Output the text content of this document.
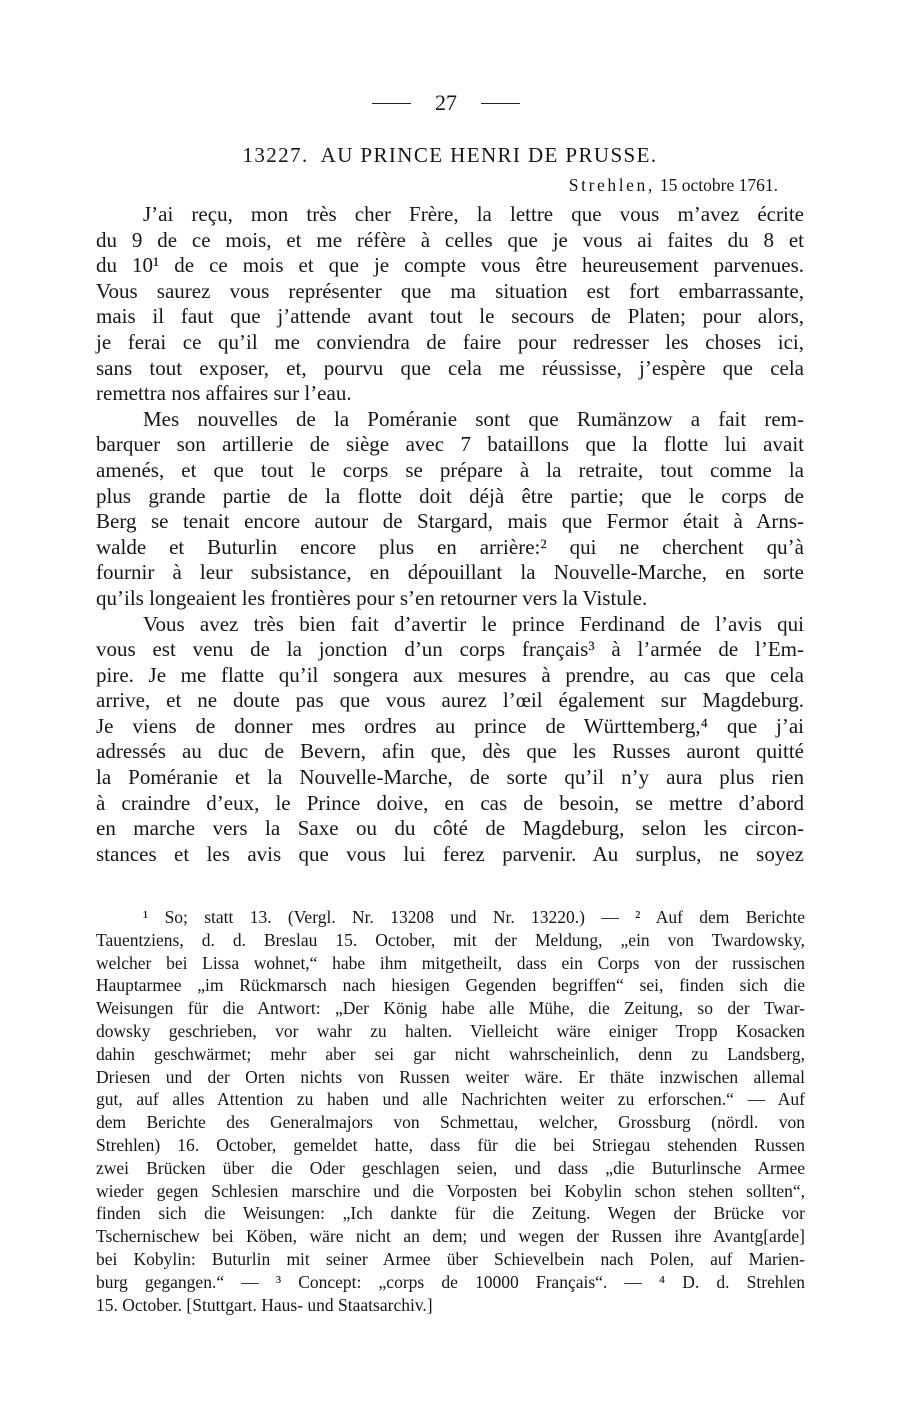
27
13227. AU PRINCE HENRI DE PRUSSE.
Strehlen, 15 octobre 1761.
J’ai reçu, mon très cher Frère, la lettre que vous m’avez écrite
du 9 de ce mois, et me réfère à celles que je vous ai faites du 8 et
du 10¹ de ce mois et que je compte vous être heureusement parvenues.
Vous saurez vous représenter que ma situation est fort embarrassante,
mais il faut que j’attende avant tout le secours de Platen; pour alors,
je ferai ce qu’il me conviendra de faire pour redresser les choses ici,
sans tout exposer, et, pourvu que cela me réussisse, j’espère que cela
remettra nos affaires sur l’eau.
Mes nouvelles de la Poméranie sont que Rumänzow a fait rem-
barquer son artillerie de siège avec 7 bataillons que la flotte lui avait
amenés, et que tout le corps se prépare à la retraite, tout comme la
plus grande partie de la flotte doit déjà être partie; que le corps de
Berg se tenait encore autour de Stargard, mais que Fermor était à Arns-
walde et Buturlin encore plus en arrière:² qui ne cherchent qu’à
fournir à leur subsistance, en dépouillant la Nouvelle-Marche, en sorte
qu’ils longeaient les frontières pour s’en retourner vers la Vistule.
Vous avez très bien fait d’avertir le prince Ferdinand de l’avis qui
vous est venu de la jonction d’un corps français³ à l’armée de l’Em-
pire. Je me flatte qu’il songera aux mesures à prendre, au cas que cela
arrive, et ne doute pas que vous aurez l’œil également sur Magdeburg.
Je viens de donner mes ordres au prince de Württemberg,⁴ que j’ai
adressés au duc de Bevern, afin que, dès que les Russes auront quitté
la Poméranie et la Nouvelle-Marche, de sorte qu’il n’y aura plus rien
à craindre d’eux, le Prince doive, en cas de besoin, se mettre d’abord
en marche vers la Saxe ou du côté de Magdeburg, selon les circon-
stances et les avis que vous lui ferez parvenir. Au surplus, ne soyez
¹ So; statt 13. (Vergl. Nr. 13208 und Nr. 13220.) — ² Auf dem Berichte
Tauentziens, d. d. Breslau 15. October, mit der Meldung, „ein von Twardowsky,
welcher bei Lissa wohnet,“ habe ihm mitgetheilt, dass ein Corps von der russischen
Hauptarmee „im Rückmarsch nach hiesigen Gegenden begriffen“ sei, finden sich die
Weisungen für die Antwort: „Der König habe alle Mühe, die Zeitung, so der Twar-
dowsky geschrieben, vor wahr zu halten. Vielleicht wäre einiger Tropp Kosacken
dahin geschwärmet; mehr aber sei gar nicht wahrscheinlich, denn zu Landsberg,
Driesen und der Orten nichts von Russen weiter wäre. Er thäte inzwischen allemal
gut, auf alles Attention zu haben und alle Nachrichten weiter zu erforschen.“ — Auf
dem Berichte des Generalmajors von Schmettau, welcher, Grossburg (nördl. von
Strehlen) 16. October, gemeldet hatte, dass für die bei Striegau stehenden Russen
zwei Brücken über die Oder geschlagen seien, und dass „die Buturlinsche Armee
wieder gegen Schlesien marschire und die Vorposten bei Kobylin schon stehen sollten“,
finden sich die Weisungen: „Ich dankte für die Zeitung. Wegen der Brücke vor
Tschernischew bei Köben, wäre nicht an dem; und wegen der Russen ihre Avantg[arde]
bei Kobylin: Buturlin mit seiner Armee über Schievelbein nach Polen, auf Marien-
burg gegangen.“ — ³ Concept: „corps de 10000 Français“. — ⁴ D. d. Strehlen
15. October. [Stuttgart. Haus- und Staatsarchiv.]
